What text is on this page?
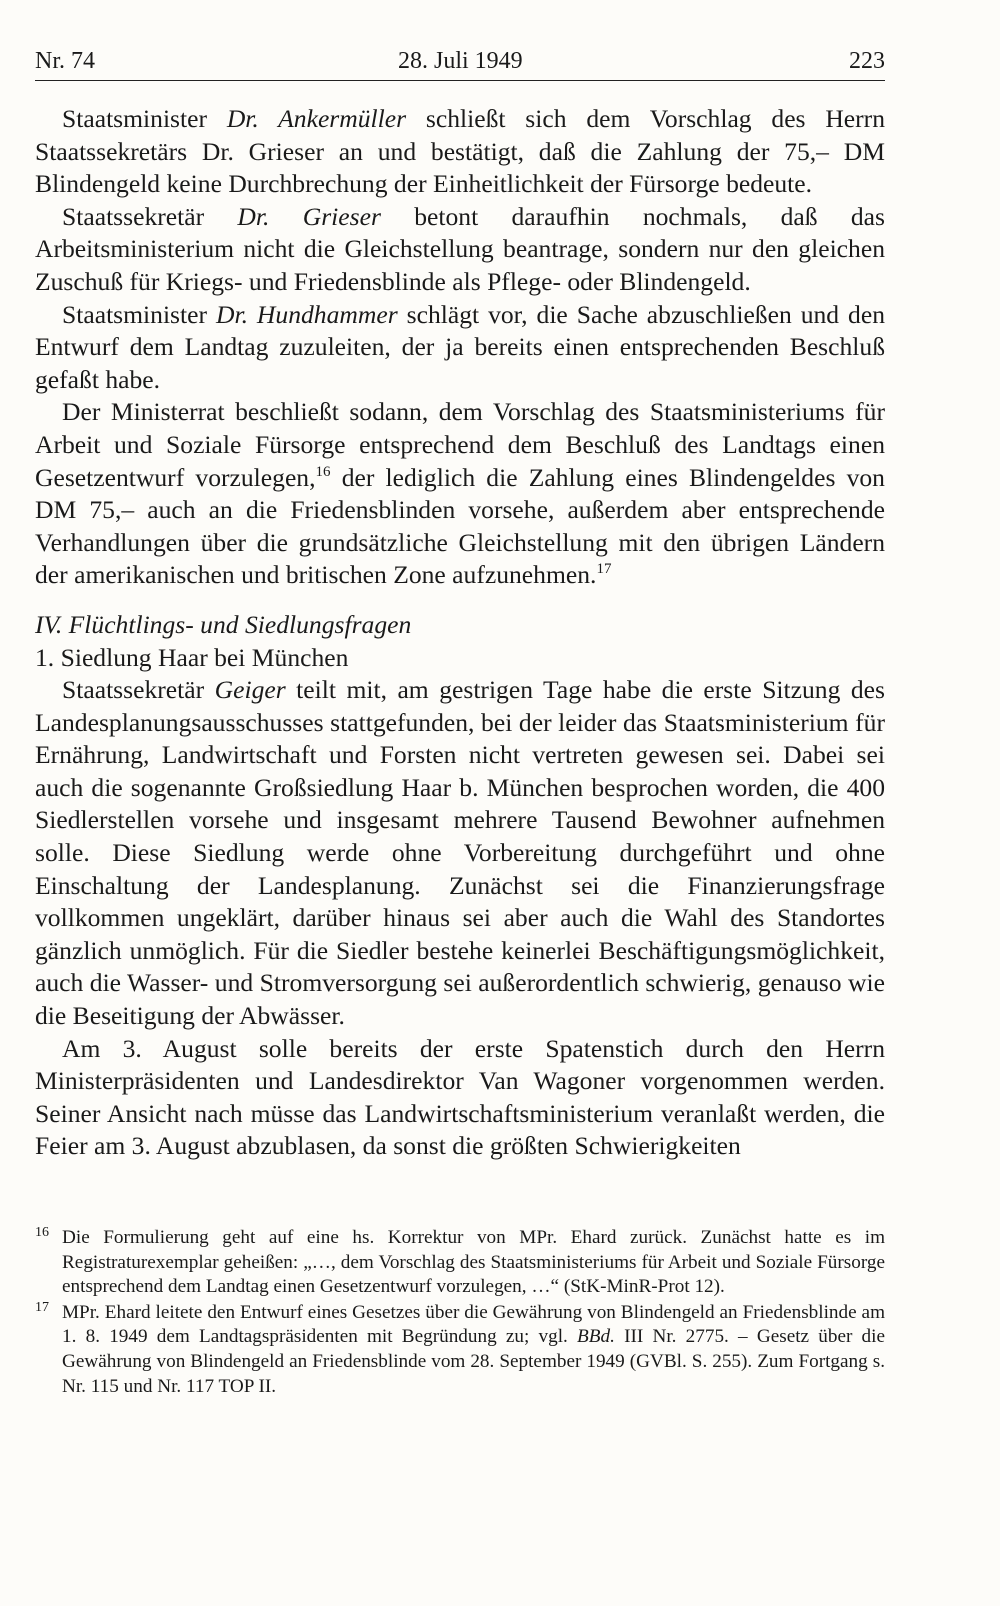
Nr. 74	28. Juli 1949	223

Staatsminister Dr. Ankermüller schließt sich dem Vorschlag des Herrn Staatssekretärs Dr. Grieser an und bestätigt, daß die Zahlung der 75,– DM Blindengeld keine Durchbrechung der Einheitlichkeit der Fürsorge bedeute.

Staatssekretär Dr. Grieser betont daraufhin nochmals, daß das Arbeitsministerium nicht die Gleichstellung beantrage, sondern nur den gleichen Zuschuß für Kriegs- und Friedensblinde als Pflege- oder Blindengeld.

Staatsminister Dr. Hundhammer schlägt vor, die Sache abzuschließen und den Entwurf dem Landtag zuzuleiten, der ja bereits einen entsprechenden Beschluß gefaßt habe.

Der Ministerrat beschließt sodann, dem Vorschlag des Staatsministeriums für Arbeit und Soziale Fürsorge entsprechend dem Beschluß des Landtags einen Gesetzentwurf vorzulegen,$^{16}$ der lediglich die Zahlung eines Blindengeldes von DM 75,– auch an die Friedensblinden vorsehe, außerdem aber entsprechende Verhandlungen über die grundsätzliche Gleichstellung mit den übrigen Ländern der amerikanischen und britischen Zone aufzunehmen.$^{17}$

IV. Flüchtlings- und Siedlungsfragen

1. Siedlung Haar bei München

Staatssekretär Geiger teilt mit, am gestrigen Tage habe die erste Sitzung des Landesplanungsausschusses stattgefunden, bei der leider das Staatsministerium für Ernährung, Landwirtschaft und Forsten nicht vertreten gewesen sei. Dabei sei auch die sogenannte Großsiedlung Haar b. München besprochen worden, die 400 Siedlerstellen vorsehe und insgesamt mehrere Tausend Bewohner aufnehmen solle. Diese Siedlung werde ohne Vorbereitung durchgeführt und ohne Einschaltung der Landesplanung. Zunächst sei die Finanzierungsfrage vollkommen ungeklärt, darüber hinaus sei aber auch die Wahl des Standortes gänzlich unmöglich. Für die Siedler bestehe keinerlei Beschäftigungsmöglichkeit, auch die Wasser- und Stromversorgung sei außerordentlich schwierig, genauso wie die Beseitigung der Abwässer.

Am 3. August solle bereits der erste Spatenstich durch den Herrn Ministerpräsidenten und Landesdirektor Van Wagoner vorgenommen werden. Seiner Ansicht nach müsse das Landwirtschaftsministerium veranlaßt werden, die Feier am 3. August abzublasen, da sonst die größten Schwierigkeiten

16 Die Formulierung geht auf eine hs. Korrektur von MPr. Ehard zurück. Zunächst hatte es im Registraturexemplar geheißen: „…, dem Vorschlag des Staatsministeriums für Arbeit und Soziale Fürsorge entsprechend dem Landtag einen Gesetzentwurf vorzulegen, …“ (StK-MinR-Prot 12).
17 MPr. Ehard leitete den Entwurf eines Gesetzes über die Gewährung von Blindengeld an Friedensblinde am 1. 8. 1949 dem Landtagspräsidenten mit Begründung zu; vgl. BBd. III Nr. 2775. – Gesetz über die Gewährung von Blindengeld an Friedensblinde vom 28. September 1949 (GVBl. S. 255). Zum Fortgang s. Nr. 115 und Nr. 117 TOP II.
